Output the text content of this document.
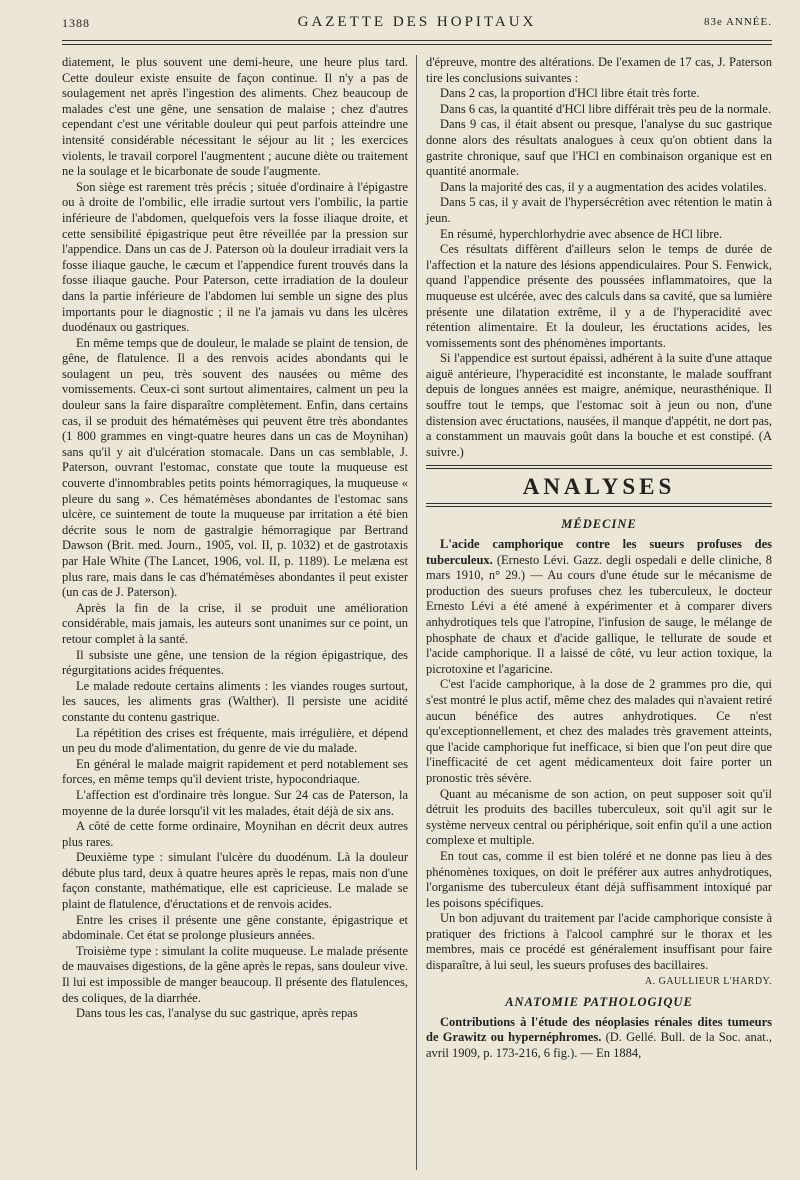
1388	GAZETTE DES HOPITAUX	83e ANNÉE.

diatement, le plus souvent une demi-heure, une heure plus tard. Cette douleur existe ensuite de façon continue. Il n'y a pas de soulagement net après l'ingestion des aliments. Chez beaucoup de malades c'est une gêne, une sensation de malaise ; chez d'autres cependant c'est une véritable douleur qui peut parfois atteindre une intensité considérable nécessitant le séjour au lit ; les exercices violents, le travail corporel l'augmentent ; aucune diète ou traitement ne la soulage et le bicarbonate de soude l'augmente.

Son siège est rarement très précis ; située d'ordinaire à l'épigastre ou à droite de l'ombilic, elle irradie surtout vers l'ombilic, la partie inférieure de l'abdomen, quelquefois vers la fosse iliaque droite, et cette sensibilité épigastrique peut être réveillée par la pression sur l'appendice. Dans un cas de J. Paterson où la douleur irradiait vers la fosse iliaque gauche, le cæcum et l'appendice furent trouvés dans la fosse iliaque gauche. Pour Paterson, cette irradiation de la douleur dans la partie inférieure de l'abdomen lui semble un signe des plus importants pour le diagnostic ; il ne l'a jamais vu dans les ulcères duodénaux ou gastriques.

En même temps que de douleur, le malade se plaint de tension, de gêne, de flatulence. Il a des renvois acides abondants qui le soulagent un peu, très souvent des nausées ou même des vomissements. Ceux-ci sont surtout alimentaires, calment un peu la douleur sans la faire disparaître complètement. Enfin, dans certains cas, il se produit des hématémèses qui peuvent être très abondantes (1 800 grammes en vingt-quatre heures dans un cas de Moynihan) sans qu'il y ait d'ulcération stomacale. Dans un cas semblable, J. Paterson, ouvrant l'estomac, constate que toute la muqueuse est couverte d'innombrables petits points hémorragiques, la muqueuse « pleure du sang ». Ces hématémèses abondantes de l'estomac sans ulcère, ce suintement de toute la muqueuse par irritation a été bien décrite sous le nom de gastralgie hémorragique par Bertrand Dawson (Brit. med. Journ., 1905, vol. II, p. 1032) et de gastrotaxis par Hale White (The Lancet, 1906, vol. II, p. 1189). Le melæna est plus rare, mais dans le cas d'hématémèses abondantes il peut exister (un cas de J. Paterson).

Après la fin de la crise, il se produit une amélioration considérable, mais jamais, les auteurs sont unanimes sur ce point, un retour complet à la santé.

Il subsiste une gêne, une tension de la région épigastrique, des régurgitations acides fréquentes.

Le malade redoute certains aliments : les viandes rouges surtout, les sauces, les aliments gras (Walther). Il persiste une acidité constante du contenu gastrique.

La répétition des crises est fréquente, mais irrégulière, et dépend un peu du mode d'alimentation, du genre de vie du malade.

En général le malade maigrit rapidement et perd notablement ses forces, en même temps qu'il devient triste, hypocondriaque.

L'affection est d'ordinaire très longue. Sur 24 cas de Paterson, la moyenne de la durée lorsqu'il vit les malades, était déjà de six ans.

A côté de cette forme ordinaire, Moynihan en décrit deux autres plus rares.

Deuxième type : simulant l'ulcère du duodénum. Là la douleur débute plus tard, deux à quatre heures après le repas, mais non d'une façon constante, mathématique, elle est capricieuse. Le malade se plaint de flatulence, d'éructations et de renvois acides.

Entre les crises il présente une gêne constante, épigastrique et abdominale. Cet état se prolonge plusieurs années.

Troisième type : simulant la colite muqueuse. Le malade présente de mauvaises digestions, de la gêne après le repas, sans douleur vive. Il lui est impossible de manger beaucoup. Il présente des flatulences, des coliques, de la diarrhée.

Dans tous les cas, l'analyse du suc gastrique, après repas

d'épreuve, montre des altérations. De l'examen de 17 cas, J. Paterson tire les conclusions suivantes :

Dans 2 cas, la proportion d'HCl libre était très forte.

Dans 6 cas, la quantité d'HCl libre différait très peu de la normale.

Dans 9 cas, il était absent ou presque, l'analyse du suc gastrique donne alors des résultats analogues à ceux qu'on obtient dans la gastrite chronique, sauf que l'HCl en combinaison organique est en quantité anormale.

Dans la majorité des cas, il y a augmentation des acides volatiles.

Dans 5 cas, il y avait de l'hypersécrétion avec rétention le matin à jeun.

En résumé, hyperchlorhydrie avec absence de HCl libre.

Ces résultats diffèrent d'ailleurs selon le temps de durée de l'affection et la nature des lésions appendiculaires. Pour S. Fenwick, quand l'appendice présente des poussées inflammatoires, que la muqueuse est ulcérée, avec des calculs dans sa cavité, que sa lumière présente une dilatation extrême, il y a de l'hyperacidité avec rétention alimentaire. Et la douleur, les éructations acides, les vomissements sont des phénomènes importants.

Si l'appendice est surtout épaissi, adhérent à la suite d'une attaque aiguë antérieure, l'hyperacidité est inconstante, le malade souffrant depuis de longues années est maigre, anémique, neurasthénique. Il souffre tout le temps, que l'estomac soit à jeun ou non, d'une distension avec éructations, nausées, il manque d'appétit, ne dort pas, a constamment un mauvais goût dans la bouche et est constipé. (A suivre.)

ANALYSES
MÉDECINE

L'acide camphorique contre les sueurs profuses des tuberculeux. (Ernesto Lévi. Gazz. degli ospedali e delle cliniche, 8 mars 1910, n° 29.) — Au cours d'une étude sur le mécanisme de production des sueurs profuses chez les tuberculeux, le docteur Ernesto Lévi a été amené à expérimenter et à comparer divers anhydrotiques tels que l'atropine, l'infusion de sauge, le mélange de phosphate de chaux et d'acide gallique, le tellurate de soude et l'acide camphorique. Il a laissé de côté, vu leur action toxique, la picrotoxine et l'agaricine.

C'est l'acide camphorique, à la dose de 2 grammes pro die, qui s'est montré le plus actif, même chez des malades qui n'avaient retiré aucun bénéfice des autres anhydrotiques. Ce n'est qu'exceptionnellement, et chez des malades très gravement atteints, que l'acide camphorique fut inefficace, si bien que l'on peut dire que l'inefficacité de cet agent médicamenteux doit faire porter un pronostic très sévère.

Quant au mécanisme de son action, on peut supposer soit qu'il détruit les produits des bacilles tuberculeux, soit qu'il agit sur le système nerveux central ou périphérique, soit enfin qu'il a une action complexe et multiple.

En tout cas, comme il est bien toléré et ne donne pas lieu à des phénomènes toxiques, on doit le préférer aux autres anhydrotiques, l'organisme des tuberculeux étant déjà suffisamment intoxiqué par les poisons spécifiques.

Un bon adjuvant du traitement par l'acide camphorique consiste à pratiquer des frictions à l'alcool camphré sur le thorax et les membres, mais ce procédé est généralement insuffisant pour faire disparaître, à lui seul, les sueurs profuses des bacillaires.

A. GAULLIEUR L'HARDY.
ANATOMIE PATHOLOGIQUE

Contributions à l'étude des néoplasies rénales dites tumeurs de Grawitz ou hypernéphromes. (D. Gellé. Bull. de la Soc. anat., avril 1909, p. 173-216, 6 fig.). — En 1884,
